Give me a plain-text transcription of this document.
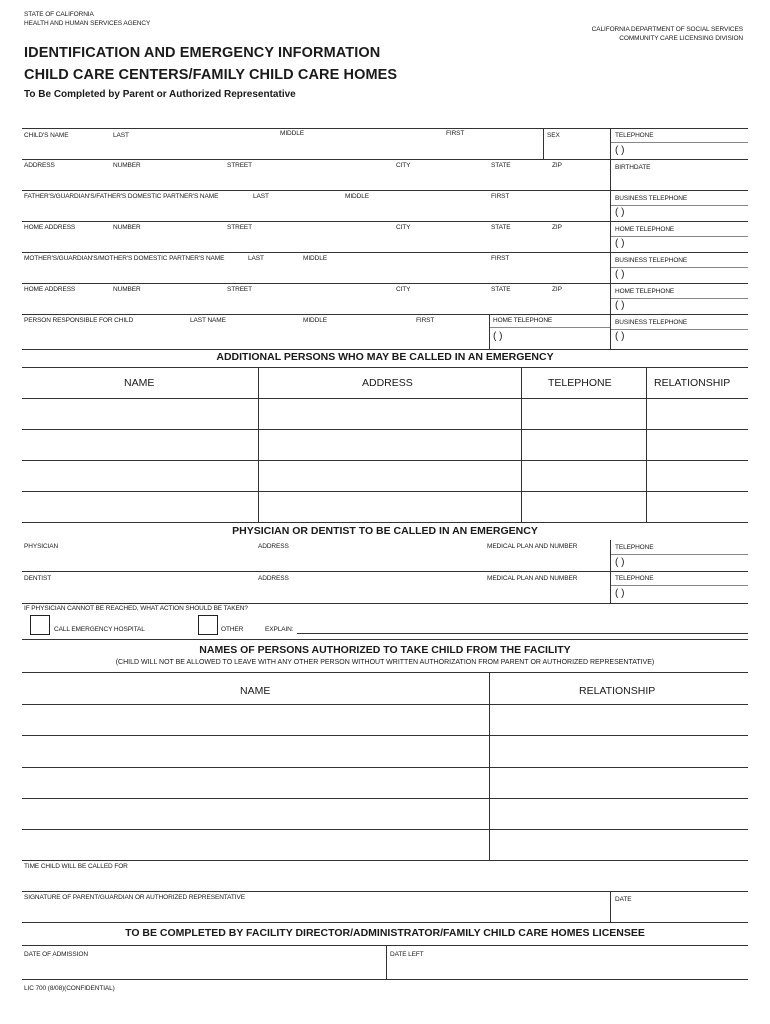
STATE OF CALIFORNIA
HEALTH AND HUMAN SERVICES AGENCY
CALIFORNIA DEPARTMENT OF SOCIAL SERVICES
COMMUNITY CARE LICENSING DIVISION
IDENTIFICATION AND EMERGENCY INFORMATION
CHILD CARE CENTERS/FAMILY CHILD CARE HOMES
To Be Completed by Parent or Authorized Representative
CHILD'S NAME	LAST	MIDDLE	FIRST	SEX	TELEPHONE
( )
ADDRESS	NUMBER	STREET	CITY	STATE	ZIP	BIRTHDATE
FATHER'S/GUARDIAN'S/FATHER'S DOMESTIC PARTNER'S NAME	LAST	MIDDLE	FIRST	BUSINESS TELEPHONE
( )
HOME ADDRESS	NUMBER	STREET	CITY	STATE	ZIP	HOME TELEPHONE
( )
MOTHER'S/GUARDIAN'S/MOTHER'S DOMESTIC PARTNER'S NAME	LAST	MIDDLE	FIRST	BUSINESS TELEPHONE
( )
HOME ADDRESS	NUMBER	STREET	CITY	STATE	ZIP	HOME TELEPHONE
( )
PERSON RESPONSIBLE FOR CHILD	LAST NAME	MIDDLE	FIRST	HOME TELEPHONE
( )
BUSINESS TELEPHONE
( )
ADDITIONAL PERSONS WHO MAY BE CALLED IN AN EMERGENCY
NAME	ADDRESS	TELEPHONE	RELATIONSHIP
PHYSICIAN OR DENTIST TO BE CALLED IN AN EMERGENCY
PHYSICIAN	ADDRESS	MEDICAL PLAN AND NUMBER	TELEPHONE
( )
DENTIST	ADDRESS	MEDICAL PLAN AND NUMBER	TELEPHONE
( )
IF PHYSICIAN CANNOT BE REACHED, WHAT ACTION SHOULD BE TAKEN?
CALL EMERGENCY HOSPITAL	OTHER	EXPLAIN:
NAMES OF PERSONS AUTHORIZED TO TAKE CHILD FROM THE FACILITY
(CHILD WILL NOT BE ALLOWED TO LEAVE WITH ANY OTHER PERSON WITHOUT WRITTEN AUTHORIZATION FROM PARENT OR AUTHORIZED REPRESENTATIVE)
NAME	RELATIONSHIP
TIME CHILD WILL BE CALLED FOR
SIGNATURE OF PARENT/GUARDIAN OR AUTHORIZED REPRESENTATIVE	DATE
TO BE COMPLETED BY FACILITY DIRECTOR/ADMINISTRATOR/FAMILY CHILD CARE HOMES LICENSEE
DATE OF ADMISSION	DATE LEFT
LIC 700 (8/08)(CONFIDENTIAL)
